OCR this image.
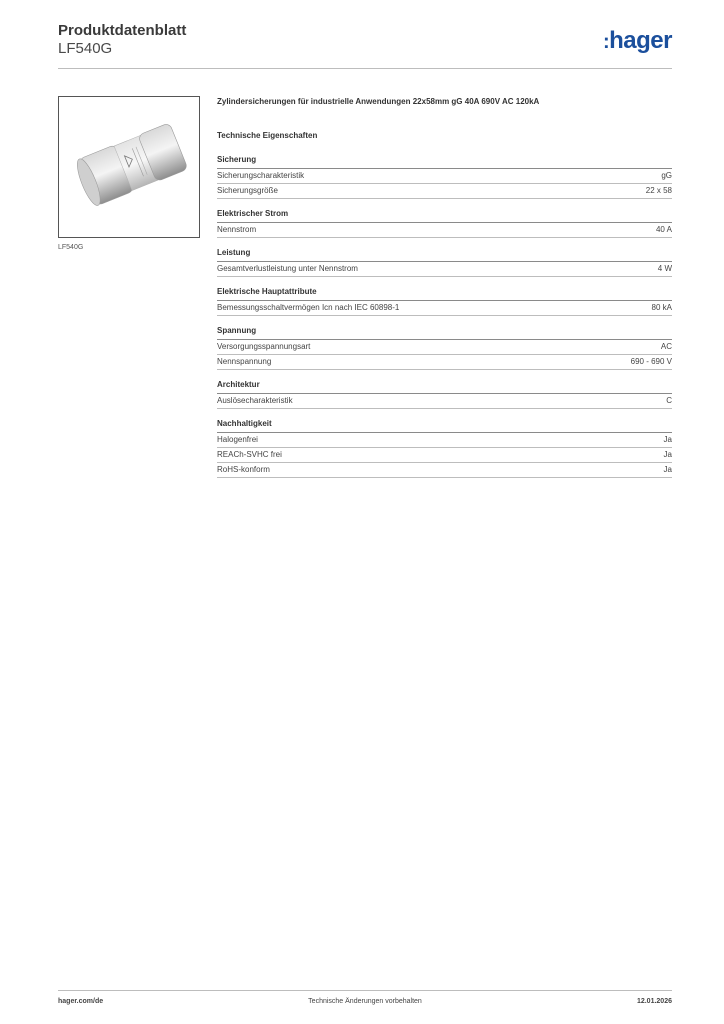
Produktdatenblatt
LF540G	:hager
LF540G
Zylindersicherungen für industrielle Anwendungen 22x58mm gG 40A 690V AC 120kA
Technische Eigenschaften
Sicherung
Sicherungscharakteristik	gG
Sicherungsgröße	22 x 58
Elektrischer Strom
Nennstrom	40 A
Leistung
Gesamtverlustleistung unter Nennstrom	4 W
Elektrische Hauptattribute
Bemessungsschaltvermögen Icn nach IEC 60898-1	80 kA
Spannung
Versorgungsspannungsart	AC
Nennspannung	690 - 690 V
Architektur
Auslösecharakteristik	C
Nachhaltigkeit
Halogenfrei	Ja
REACh-SVHC frei	Ja
RoHS-konform	Ja
hager.com/de	Technische Änderungen vorbehalten	12.01.2026
